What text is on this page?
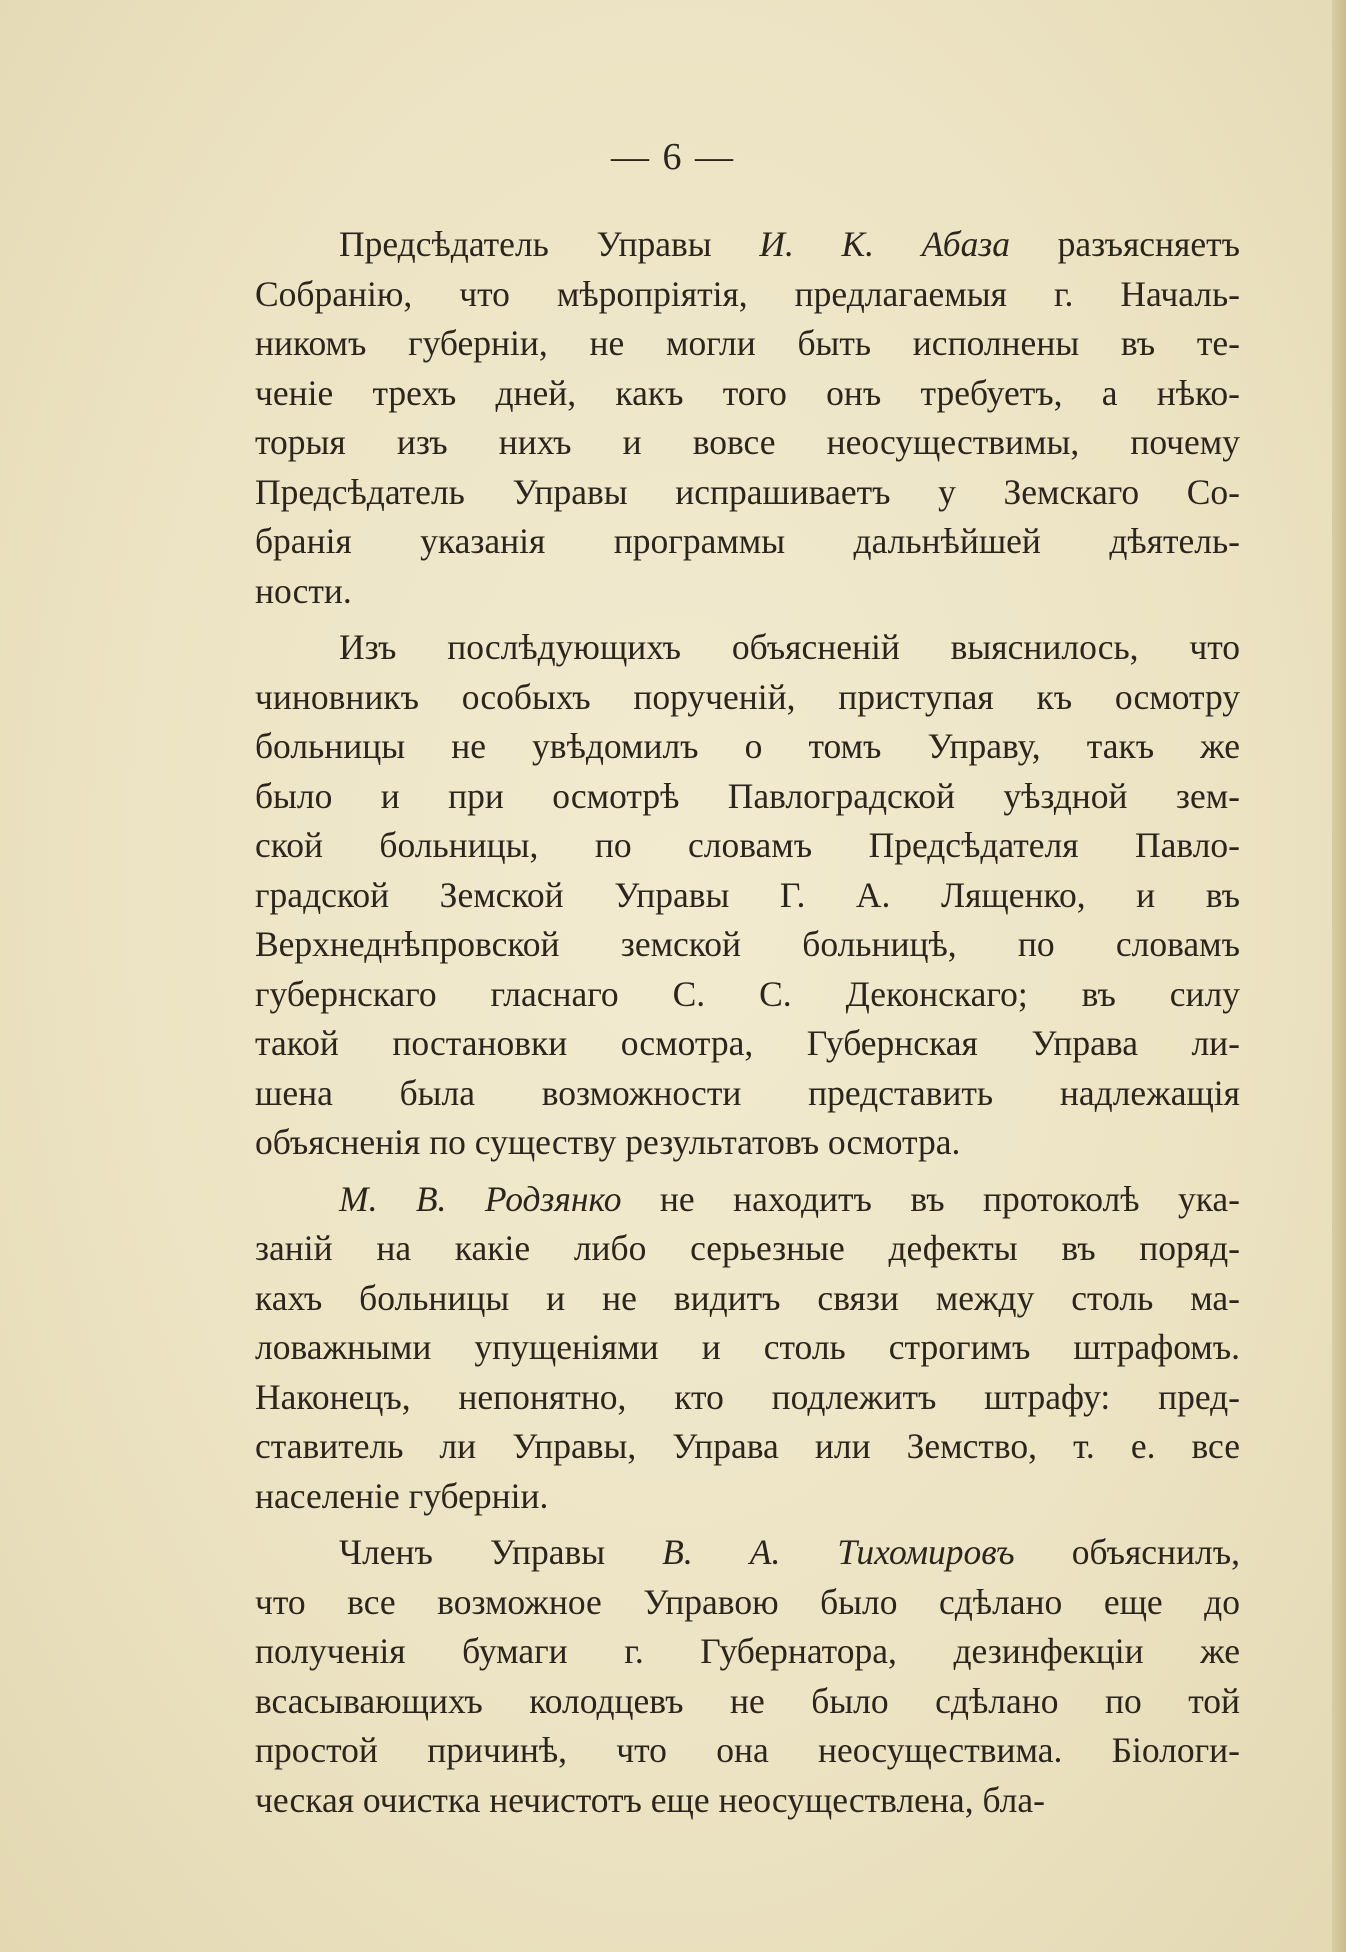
— 6 —
Предсѣдатель Управы И. К. Абаза разъясняетъ
Собранію, что мѣропріятія, предлагаемыя г. Началь-
никомъ губерніи, не могли быть исполнены въ те-
ченіе трехъ дней, какъ того онъ требуетъ, а нѣко-
торыя изъ нихъ и вовсе неосуществимы, почему
Предсѣдатель Управы испрашиваетъ у Земскаго Со-
бранія указанія программы дальнѣйшей дѣятель-
ности.
Изъ послѣдующихъ объясненій выяснилось, что
чиновникъ особыхъ порученій, приступая къ осмотру
больницы не увѣдомилъ о томъ Управу, такъ же
было и при осмотрѣ Павлоградской уѣздной зем-
ской больницы, по словамъ Предсѣдателя Павло-
градской Земской Управы Г. А. Лященко, и въ
Верхнеднѣпровской земской больницѣ, по словамъ
губернскаго гласнаго С. С. Деконскаго; въ силу
такой постановки осмотра, Губернская Управа ли-
шена была возможности представить надлежащія
объясненія по существу результатовъ осмотра.
М. В. Родзянко не находитъ въ протоколѣ ука-
заній на какіе либо серьезные дефекты въ поряд-
кахъ больницы и не видитъ связи между столь ма-
ловажными упущеніями и столь строгимъ штрафомъ.
Наконецъ, непонятно, кто подлежитъ штрафу: пред-
ставитель ли Управы, Управа или Земство, т. е. все
населеніе губерніи.
Членъ Управы В. А. Тихомировъ объяснилъ,
что все возможное Управою было сдѣлано еще до
полученія бумаги г. Губернатора, дезинфекціи же
всасывающихъ колодцевъ не было сдѣлано по той
простой причинѣ, что она неосуществима. Біологи-
ческая очистка нечистотъ еще неосуществлена, бла-
